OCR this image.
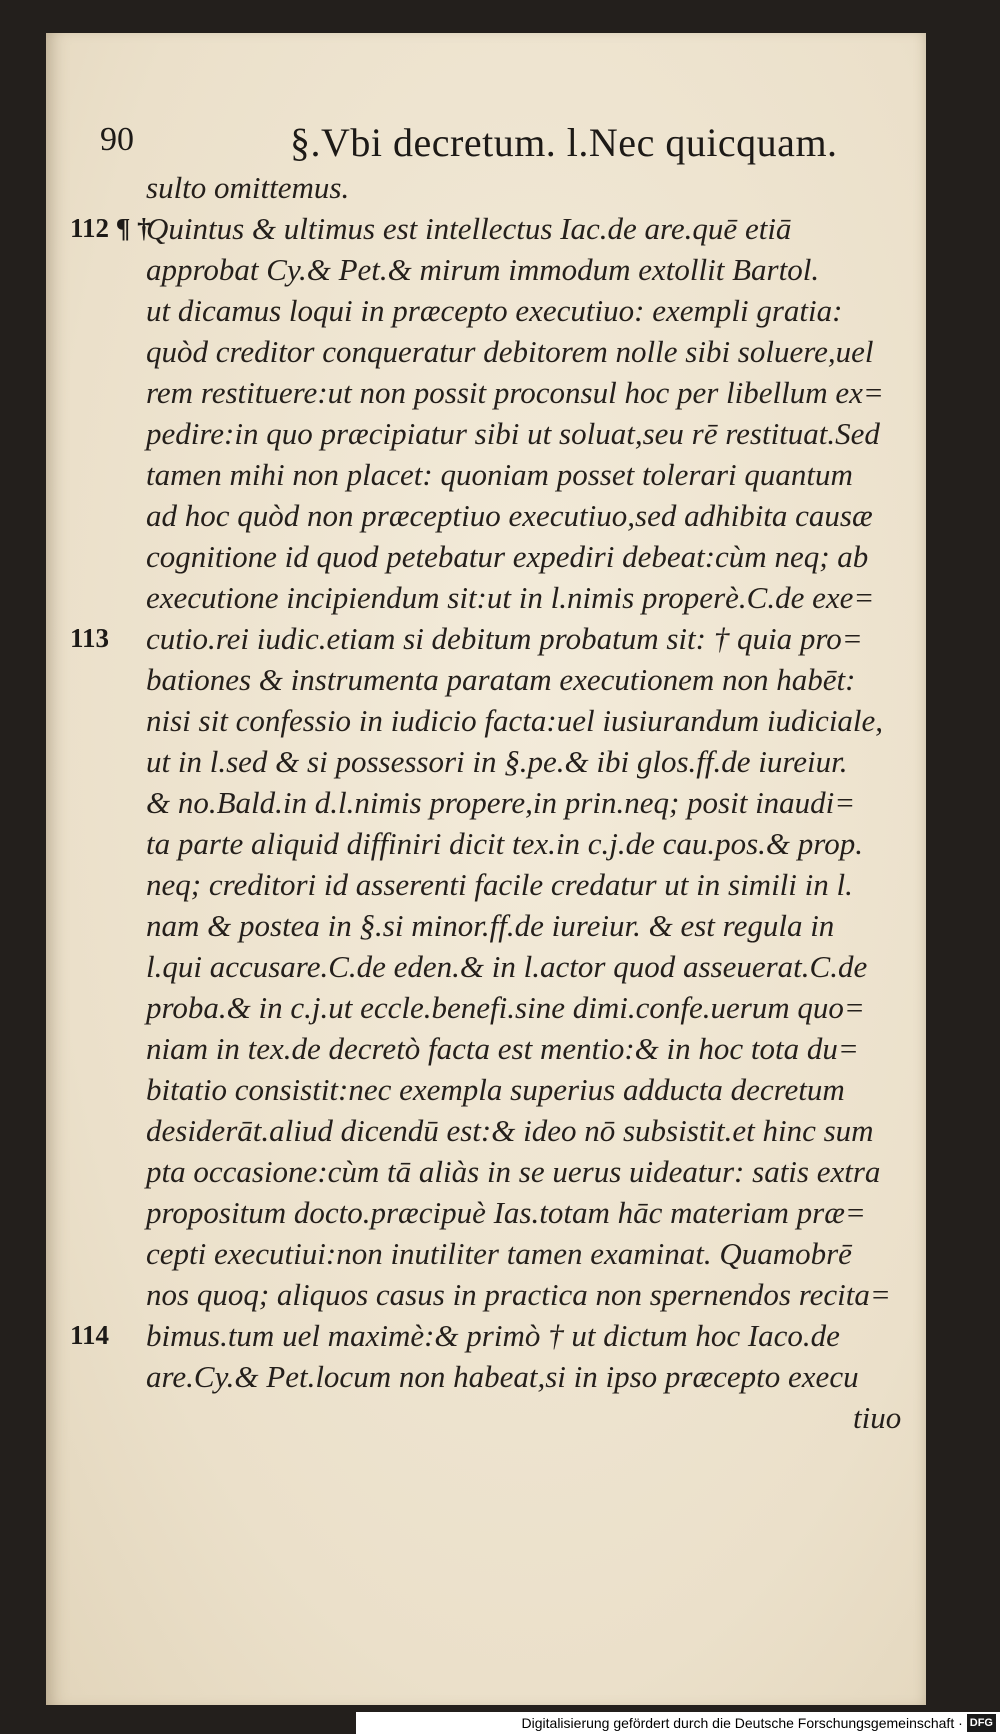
90	§.Vbi decretum. l.Nec quicquam.
sulto omittemus.
112 ¶ †
Quintus & ultimus est intellectus Iac.de are.quē etiā
approbat Cy.& Pet.& mirum immodum extollit Bartol.
ut dicamus loqui in præcepto executiuo: exempli gratia:
quòd creditor conqueratur debitorem nolle sibi soluere,uel
rem restituere:ut non possit proconsul hoc per libellum ex=
pedire:in quo præcipiatur sibi ut soluat,seu rē restituat.Sed
tamen mihi non placet: quoniam posset tolerari quantum
ad hoc quòd non præceptiuo executiuo,sed adhibita causæ
cognitione id quod petebatur expediri debeat:cùm neq; ab
executione incipiendum sit:ut in l.nimis properè.C.de exe=
113 cutio.rei iudic.etiam si debitum probatum sit: † quia pro=
bationes & instrumenta paratam executionem non habēt:
nisi sit confessio in iudicio facta:uel iusiurandum iudiciale,
ut in l.sed & si possessori in §.pe.& ibi glos.ff.de iureiur.
& no.Bald.in d.l.nimis propere,in prin.neq; posit inaudi=
ta parte aliquid diffiniri dicit tex.in c.j.de cau.pos.& prop.
neq; creditori id asserenti facile credatur ut in simili in l.
nam & postea in §.si minor.ff.de iureiur. & est regula in
l.qui accusare.C.de eden.& in l.actor quod asseuerat.C.de
proba.& in c.j.ut eccle.benefi.sine dimi.confe.uerum quo=
niam in tex.de decretò facta est mentio:& in hoc tota du=
bitatio consistit:nec exempla superius adducta decretum
desiderāt.aliud dicendū est:& ideo nō subsistit.et hinc sum
pta occasione:cùm tā aliàs in se uerus uideatur: satis extra
propositum docto.præcipuè Ias.totam hāc materiam præ=
cepti executiui:non inutiliter tamen examinat. Quamobrē
nos quoq; aliquos casus in practica non spernendos recita=
114 bimus.tum uel maximè:& primò † ut dictum hoc Iaco.de
are.Cy.& Pet.locum non habeat,si in ipso præcepto execu
tiuo
Digitalisierung gefördert durch die Deutsche Forschungsgemeinschaft · DFG
